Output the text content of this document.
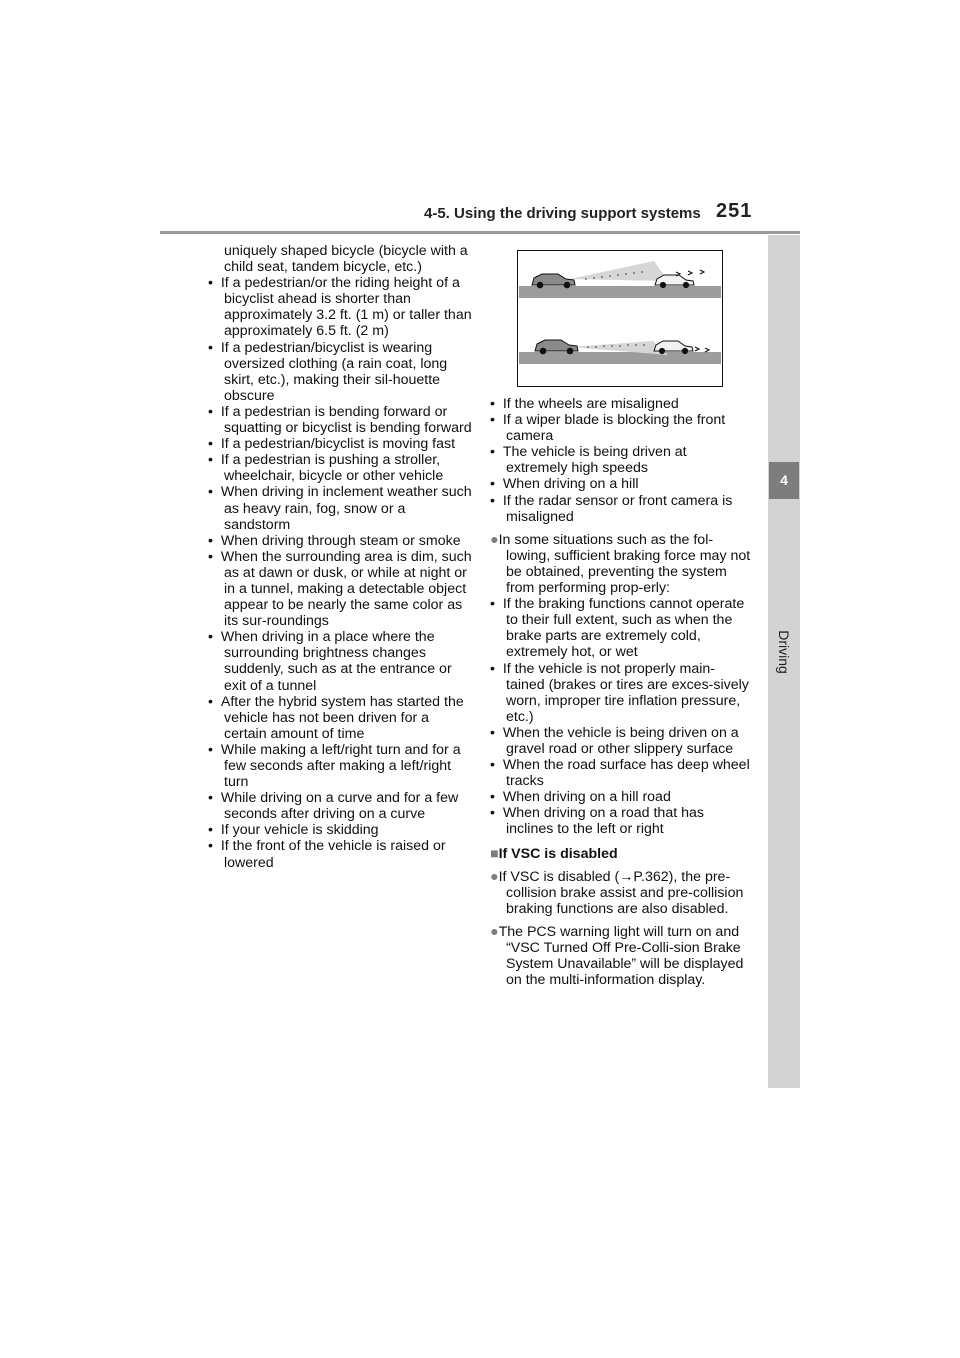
4-5. Using the driving support systems 251
4
Driving
uniquely shaped bicycle (bicycle with a child seat, tandem bicycle, etc.)
• If a pedestrian/or the riding height of a bicyclist ahead is shorter than approximately 3.2 ft. (1 m) or taller than approximately 6.5 ft. (2 m)
• If a pedestrian/bicyclist is wearing oversized clothing (a rain coat, long skirt, etc.), making their sil-houette obscure
• If a pedestrian is bending forward or squatting or bicyclist is bending forward
• If a pedestrian/bicyclist is moving fast
• If a pedestrian is pushing a stroller, wheelchair, bicycle or other vehicle
• When driving in inclement weather such as heavy rain, fog, snow or a sandstorm
• When driving through steam or smoke
• When the surrounding area is dim, such as at dawn or dusk, or while at night or in a tunnel, making a detectable object appear to be nearly the same color as its sur-roundings
• When driving in a place where the surrounding brightness changes suddenly, such as at the entrance or exit of a tunnel
• After the hybrid system has started the vehicle has not been driven for a certain amount of time
• While making a left/right turn and for a few seconds after making a left/right turn
• While driving on a curve and for a few seconds after driving on a curve
• If your vehicle is skidding
• If the front of the vehicle is raised or lowered
• If the wheels are misaligned
• If a wiper blade is blocking the front camera
• The vehicle is being driven at extremely high speeds
• When driving on a hill
• If the radar sensor or front camera is misaligned
●In some situations such as the fol-lowing, sufficient braking force may not be obtained, preventing the system from performing prop-erly:
• If the braking functions cannot operate to their full extent, such as when the brake parts are extremely cold, extremely hot, or wet
• If the vehicle is not properly main-tained (brakes or tires are exces-sively worn, improper tire inflation pressure, etc.)
• When the vehicle is being driven on a gravel road or other slippery surface
• When the road surface has deep wheel tracks
• When driving on a hill road
• When driving on a road that has inclines to the left or right
■If VSC is disabled
●If VSC is disabled (→P.362), the pre-collision brake assist and pre-collision braking functions are also disabled.
●The PCS warning light will turn on and “VSC Turned Off Pre-Colli-sion Brake System Unavailable” will be displayed on the multi-information display.
